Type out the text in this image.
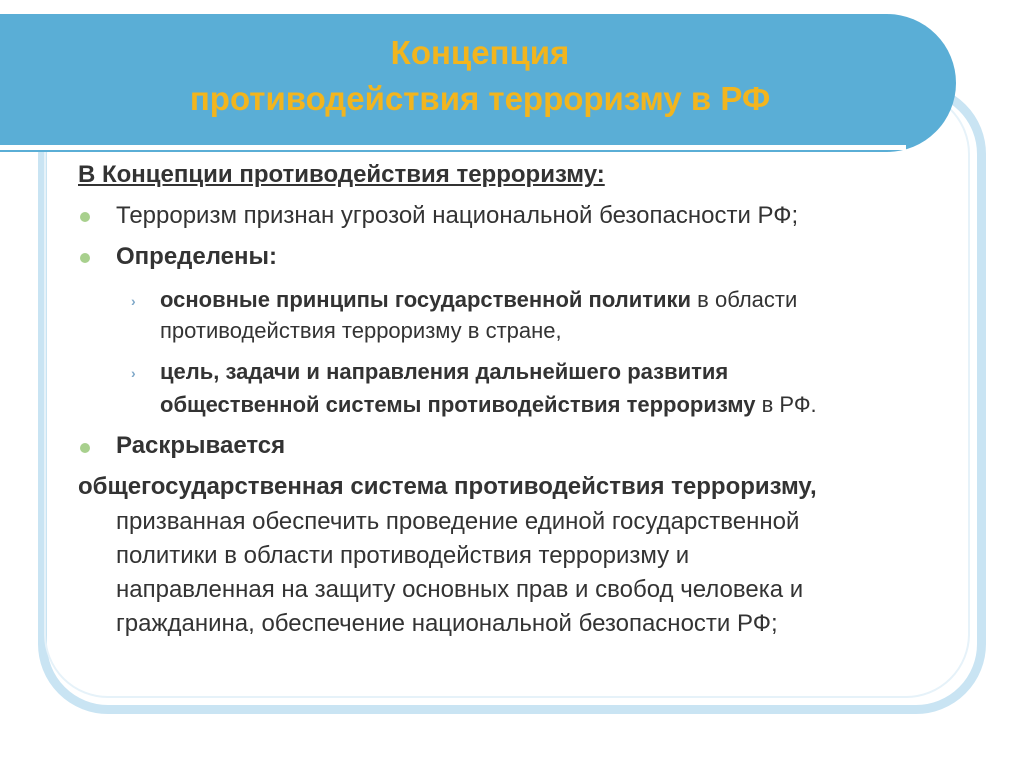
Концепция
противодействия терроризму в РФ
В Концепции противодействия терроризму:
Терроризм признан угрозой национальной безопасности РФ;
Определены:
› основные принципы государственной политики в области
противодействия терроризму в стране,
› цель, задачи и направления дальнейшего развития
общественной системы противодействия терроризму в РФ.
Раскрывается
общегосударственная система противодействия терроризму,
призванная обеспечить проведение единой государственной
политики в области противодействия терроризму и
направленная на защиту основных прав и свобод человека и
гражданина, обеспечение национальной безопасности РФ;
